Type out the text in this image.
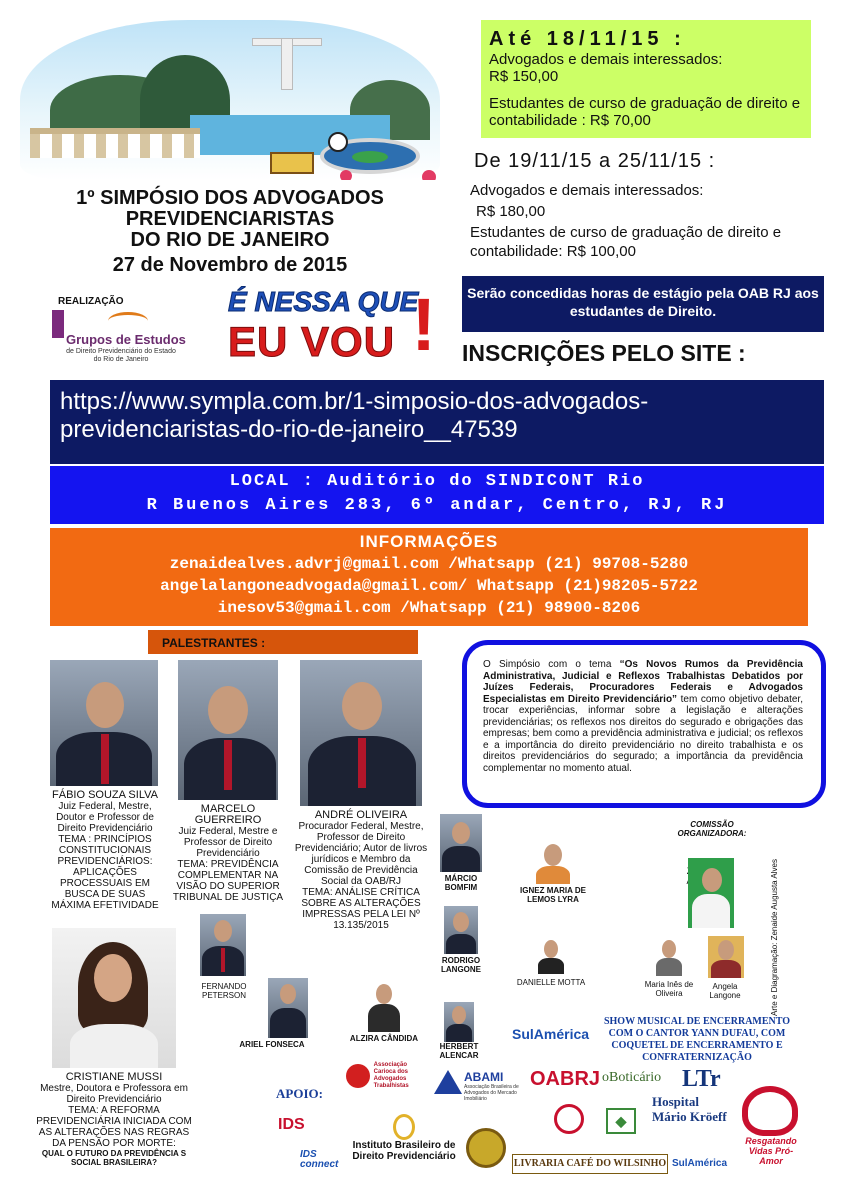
1º SIMPÓSIO DOS ADVOGADOS
PREVIDENCIARISTAS
DO RIO DE JANEIRO
27 de Novembro de 2015
Até 18/11/15 :

Advogados e demais interessados:

R$ 150,00

Estudantes de curso de graduação de direito e contabilidade : R$ 70,00

De 19/11/15 a 25/11/15 :

Advogados e demais interessados:

R$ 180,00

Estudantes de curso de graduação de direito e contabilidade: R$ 100,00

REALIZAÇÃO
Grupos de Estudos
de Direito Previdenciário do Estado do Rio de Janeiro
É NESSA QUE
EU VOU !	Serão concedidas horas de estágio pela OAB RJ aos estudantes de Direito.
INSCRIÇÕES PELO SITE :
https://www.sympla.com.br/1-simposio-dos-advogados-
previdenciaristas-do-rio-de-janeiro__47539
LOCAL : Auditório do SINDICONT Rio
R Buenos Aires 283, 6º andar, Centro, RJ, RJ
INFORMAÇÕES
zenaidealves.advrj@gmail.com /Whatsapp (21) 99708-5280
angelalangoneadvogada@gmail.com/ Whatsapp (21)98205-5722
inesov53@gmail.com /Whatsapp (21) 98900-8206
PALESTRANTES :
O Simpósio com o tema “Os Novos Rumos da Previdência Administrativa, Judicial e Reflexos Trabalhistas Debatidos por Juízes Federais, Procuradores Federais e Advogados Especialistas em Direito Previdenciário” tem como objetivo debater, trocar experiências, informar sobre a legislação e alterações previdenciárias; os reflexos nos direitos do segurado e obrigações das empresas; bem como a previdência administrativa e judicial; os reflexos e a importância do direito previdenciário no direito trabalhista e os direitos previdenciários do segurado; a importância da previdência complementar no momento atual.
FÁBIO SOUZA SILVA
Juiz Federal, Mestre, Doutor e Professor de Direito Previdenciário
TEMA : PRINCÍPIOS CONSTITUCIONAIS PREVIDENCIÁRIOS: APLICAÇÕES PROCESSUAIS EM BUSCA DE SUAS MÁXIMA EFETIVIDADE
MARCELO GUERREIRO
Juiz Federal, Mestre e Professor de Direito Previdenciário
TEMA: PREVIDÊNCIA COMPLEMENTAR NA VISÃO DO SUPERIOR TRIBUNAL DE JUSTIÇA
ANDRÉ OLIVEIRA
Procurador Federal, Mestre, Professor de Direito Previdenciário; Autor de livros jurídicos e Membro da Comissão de Previdência Social da OAB/RJ
TEMA: ANÁLISE CRÍTICA SOBRE AS ALTERAÇÕES IMPRESSAS PELA LEI Nº 13.135/2015
CRISTIANE MUSSI
Mestre, Doutora e Professora em Direito Previdenciário
TEMA: A REFORMA PREVIDENCIÁRIA INICIADA COM AS ALTERAÇÕES NAS REGRAS DA PENSÃO POR MORTE:
QUAL O FUTURO DA PREVIDÊNCIA S SOCIAL BRASILEIRA?
MÁRCIO BOMFIM	IGNEZ MARIA DE LEMOS LYRA
RODRIGO LANGONE
DANIELLE MOTTA
FERNANDO PETERSON
ARIEL FONSECA
ALZIRA CÂNDIDA
HERBERT ALENCAR
COMISSÃO ORGANIZADORA:
Maria Inês de Oliveira
Angela Langone	Arte e Diagramação: Zenaide Augusta Alves
SHOW MUSICAL DE ENCERRAMENTO COM O CANTOR YANN DUFAU, COM COQUETEL DE ENCERRAMENTO E CONFRATERNIZAÇÃO
APOIO:
SulAmérica
Associação Carioca dos Advogados Trabalhistas
ABAMI
Associação Brasileira de Advogados do Mercado Imobiliário
OABRJ oBoticário LTr
IDS
IDS
connect
Instituto Brasileiro de Direito Previdenciário
◆
Hospital Mário Kröeff
Resgatando Vidas Pró-Amor
LIVRARIA CAFÉ DO WILSINHO SulAmérica
